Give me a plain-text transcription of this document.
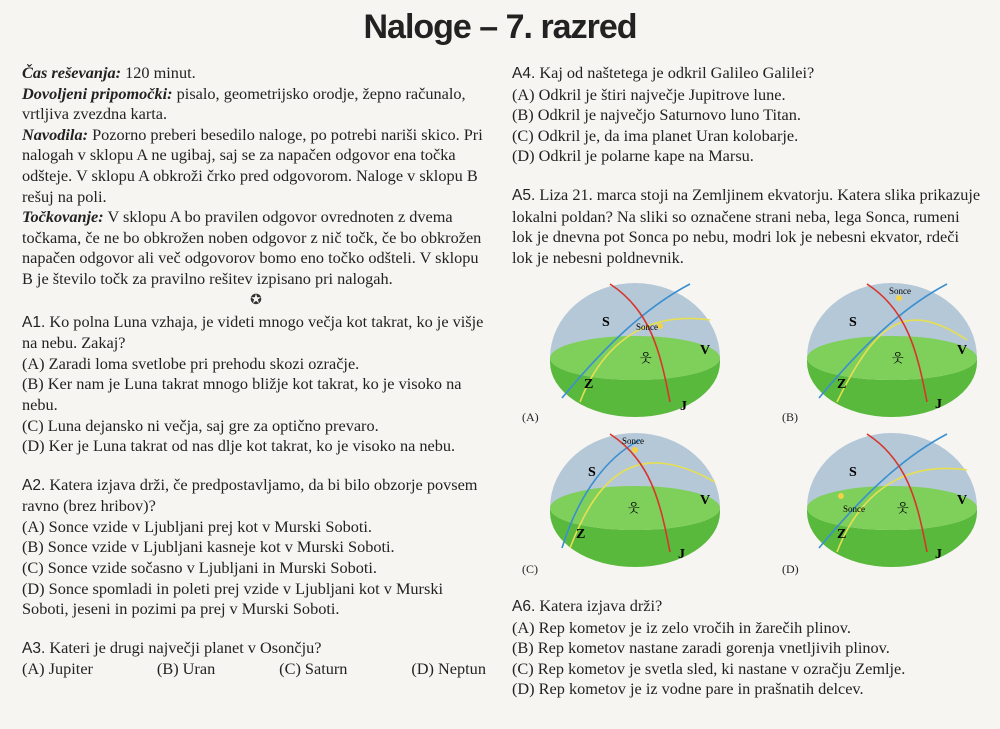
Naloge – 7. razred

Čas reševanja: 120 minut.

Dovoljeni pripomočki: pisalo, geometrijsko orodje, žepno računalo, vrtljiva zvezdna karta.

Navodila: Pozorno preberi besedilo naloge, po potrebi nariši skico. Pri nalogah v sklopu A ne ugibaj, saj se za napačen odgovor ena točka odšteje. V sklopu A obkroži črko pred odgovorom. Naloge v sklopu B rešuj na poli.

Točkovanje: V sklopu A bo pravilen odgovor ovrednoten z dvema točkama, če ne bo obkrožen noben odgovor z nič točk, če bo obkrožen napačen odgovor ali več odgovorov bomo eno točko odšteli. V sklopu B je število točk za pravilno rešitev izpisano pri nalogah.

✪

A1. Ko polna Luna vzhaja, je videti mnogo večja kot takrat, ko je višje na nebu. Zakaj?

(A) Zaradi loma svetlobe pri prehodu skozi ozračje.

(B) Ker nam je Luna takrat mnogo bližje kot takrat, ko je visoko na nebu.

(C) Luna dejansko ni večja, saj gre za optično prevaro.

(D) Ker je Luna takrat od nas dlje kot takrat, ko je visoko na nebu.

A2. Katera izjava drži, če predpostavljamo, da bi bilo obzorje povsem ravno (brez hribov)?

(A) Sonce vzide v Ljubljani prej kot v Murski Soboti.

(B) Sonce vzide v Ljubljani kasneje kot v Murski Soboti.

(C) Sonce vzide sočasno v Ljubljani in Murski Soboti.

(D) Sonce spomladi in poleti prej vzide v Ljubljani kot v Murski Soboti, jeseni in pozimi pa prej v Murski Soboti.

A3. Kateri je drugi največji planet v Osončju?

(A) Jupiter	(B) Uran	(C) Saturn	(D) Neptun

A4. Kaj od naštetega je odkril Galileo Galilei?

(A) Odkril je štiri največje Jupitrove lune.

(B) Odkril je največjo Saturnovo luno Titan.

(C) Odkril je, da ima planet Uran kolobarje.

(D) Odkril je polarne kape na Marsu.

A5. Liza 21. marca stoji na Zemljinem ekvatorju. Katera slika prikazuje lokalni poldan? Na sliki so označene strani neba, lega Sonca, rumeni lok je dnevna pot Sonca po nebu, modri lok je nebesni ekvator, rdeči lok je nebesni poldnevnik.

S
V
Z
J
Sonce
웃
S
V
Z
J
Sonce
웃
S
V
Z
J
Sonce
웃
S
V
Z
J
Sonce	웃
(A)	(B)
(C)	(D)

A6. Katera izjava drži?

(A) Rep kometov je iz zelo vročih in žarečih plinov.

(B) Rep kometov nastane zaradi gorenja vnetljivih plinov.

(C) Rep kometov je svetla sled, ki nastane v ozračju Zemlje.

(D) Rep kometov je iz vodne pare in prašnatih delcev.
